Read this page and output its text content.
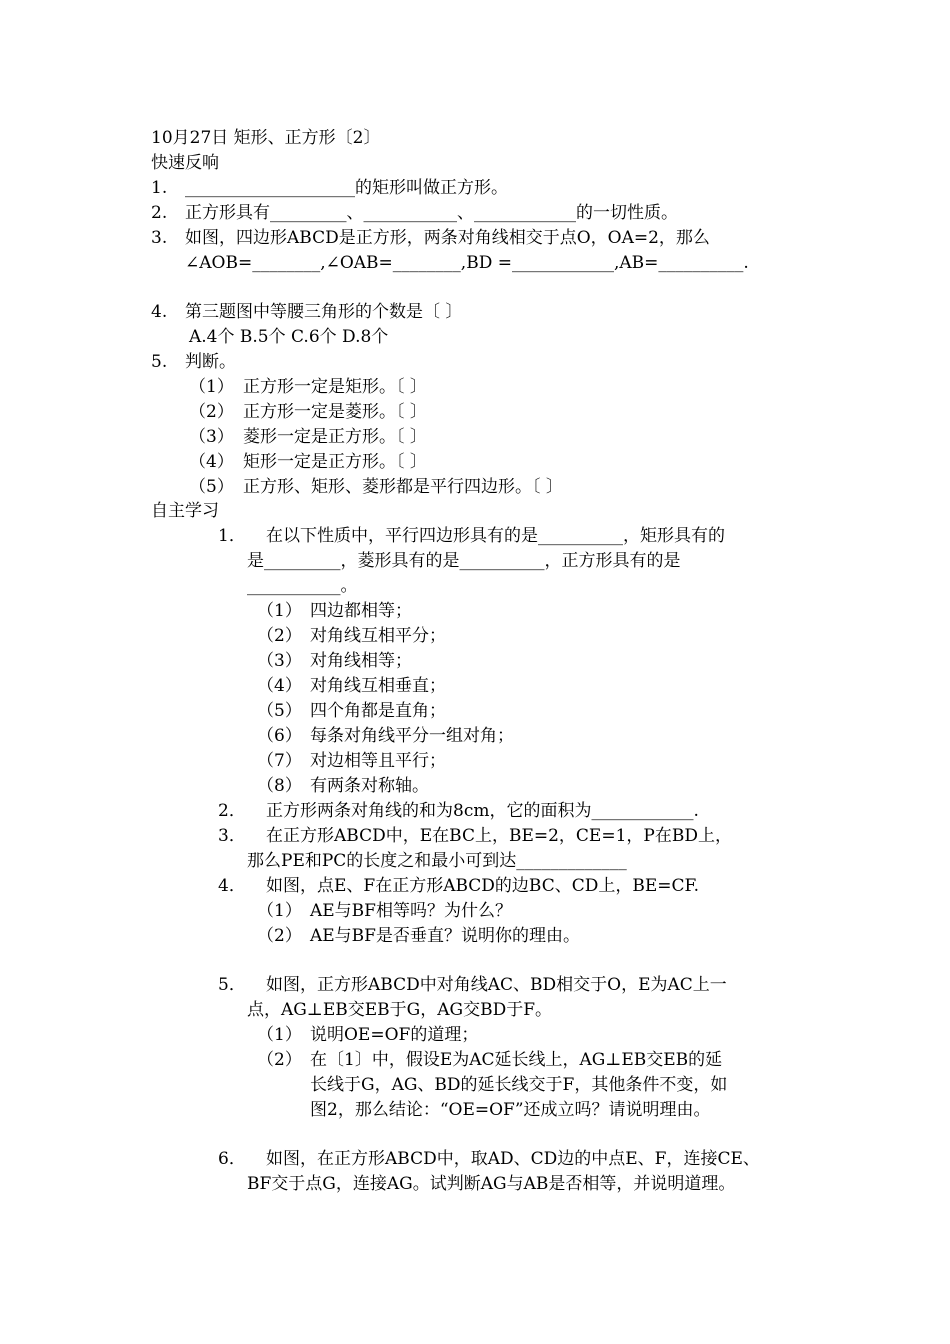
10月27日 矩形、正方形〔2〕
快速反响
1. ____________________的矩形叫做正方形。
2. 正方形具有_________、___________、____________的一切性质。
3. 如图，四边形ABCD是正方形，两条对角线相交于点O，OA=2，那么
∠AOB=________,∠OAB=________,BD =____________,AB=__________.
4. 第三题图中等腰三角形的个数是〔 〕
A.4个 B.5个 C.6个 D.8个
5. 判断。
（1） 正方形一定是矩形。〔 〕
（2） 正方形一定是菱形。〔 〕
（3） 菱形一定是正方形。〔 〕
（4） 矩形一定是正方形。〔 〕
（5） 正方形、矩形、菱形都是平行四边形。〔 〕
自主学习
1． 在以下性质中，平行四边形具有的是__________，矩形具有的
是_________，菱形具有的是__________，正方形具有的是
___________。
（1） 四边都相等；
（2） 对角线互相平分；
（3） 对角线相等；
（4） 对角线互相垂直；
（5） 四个角都是直角；
（6） 每条对角线平分一组对角；
（7） 对边相等且平行；
（8） 有两条对称轴。
2． 正方形两条对角线的和为8cm，它的面积为____________.
3． 在正方形ABCD中，E在BC上，BE=2，CE=1，P在BD上，
那么PE和PC的长度之和最小可到达_____________
4． 如图，点E、F在正方形ABCD的边BC、CD上，BE=CF.
（1） AE与BF相等吗？为什么？
（2） AE与BF是否垂直？说明你的理由。
5． 如图，正方形ABCD中对角线AC、BD相交于O，E为AC上一
点，AG⊥EB交EB于G，AG交BD于F。
（1） 说明OE=OF的道理；
（2） 在〔1〕中，假设E为AC延长线上，AG⊥EB交EB的延
长线于G，AG、BD的延长线交于F，其他条件不变，如
图2，那么结论：“OE=OF”还成立吗？请说明理由。
6． 如图，在正方形ABCD中，取AD、CD边的中点E、F，连接CE、
BF交于点G，连接AG。试判断AG与AB是否相等，并说明道理。
